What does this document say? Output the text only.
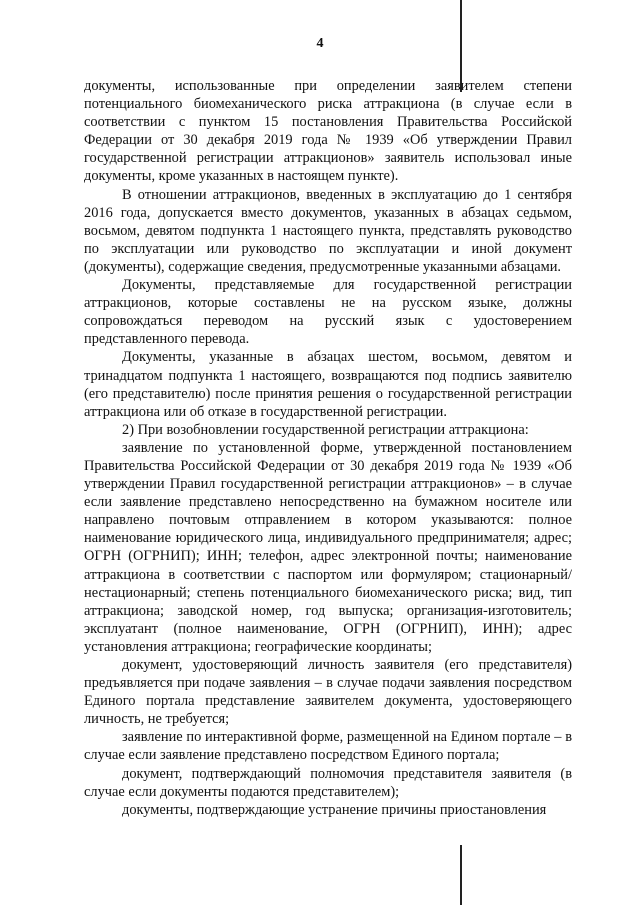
4

документы, использованные при определении заявителем степени потенциального биомеханического риска аттракциона (в случае если в соответствии с пунктом 15 постановления Правительства Российской Федерации от 30 декабря 2019 года № 1939 «Об утверждении Правил государственной регистрации аттракционов» заявитель использовал иные документы, кроме указанных в настоящем пункте).

В отношении аттракционов, введенных в эксплуатацию до 1 сентября 2016 года, допускается вместо документов, указанных в абзацах седьмом, восьмом, девятом подпункта 1 настоящего пункта, представлять руководство по эксплуатации или руководство по эксплуатации и иной документ (документы), содержащие сведения, предусмотренные указанными абзацами.

Документы, представляемые для государственной регистрации аттракционов, которые составлены не на русском языке, должны сопровождаться переводом на русский язык с удостоверением представленного перевода.

Документы, указанные в абзацах шестом, восьмом, девятом и тринадцатом подпункта 1 настоящего, возвращаются под подпись заявителю (его представителю) после принятия решения о государственной регистрации аттракциона или об отказе в государственной регистрации.

2) При возобновлении государственной регистрации аттракциона:

заявление по установленной форме, утвержденной постановлением Правительства Российской Федерации от 30 декабря 2019 года № 1939 «Об утверждении Правил государственной регистрации аттракционов» – в случае если заявление представлено непосредственно на бумажном носителе или направлено почтовым отправлением в котором указываются: полное наименование юридического лица, индивидуального предпринимателя; адрес; ОГРН (ОГРНИП); ИНН; телефон, адрес электронной почты; наименование аттракциона в соответствии с паспортом или формуляром; стационарный/нестационарный; степень потенциального биомеханического риска; вид, тип аттракциона; заводской номер, год выпуска; организация-изготовитель; эксплуатант (полное наименование, ОГРН (ОГРНИП), ИНН); адрес установления аттракциона; географические координаты;

документ, удостоверяющий личность заявителя (его представителя) предъявляется при подаче заявления – в случае подачи заявления посредством Единого портала представление заявителем документа, удостоверяющего личность, не требуется;

заявление по интерактивной форме, размещенной на Едином портале – в случае если заявление представлено посредством Единого портала;

документ, подтверждающий полномочия представителя заявителя (в случае если документы подаются представителем);

документы, подтверждающие устранение причины приостановления
